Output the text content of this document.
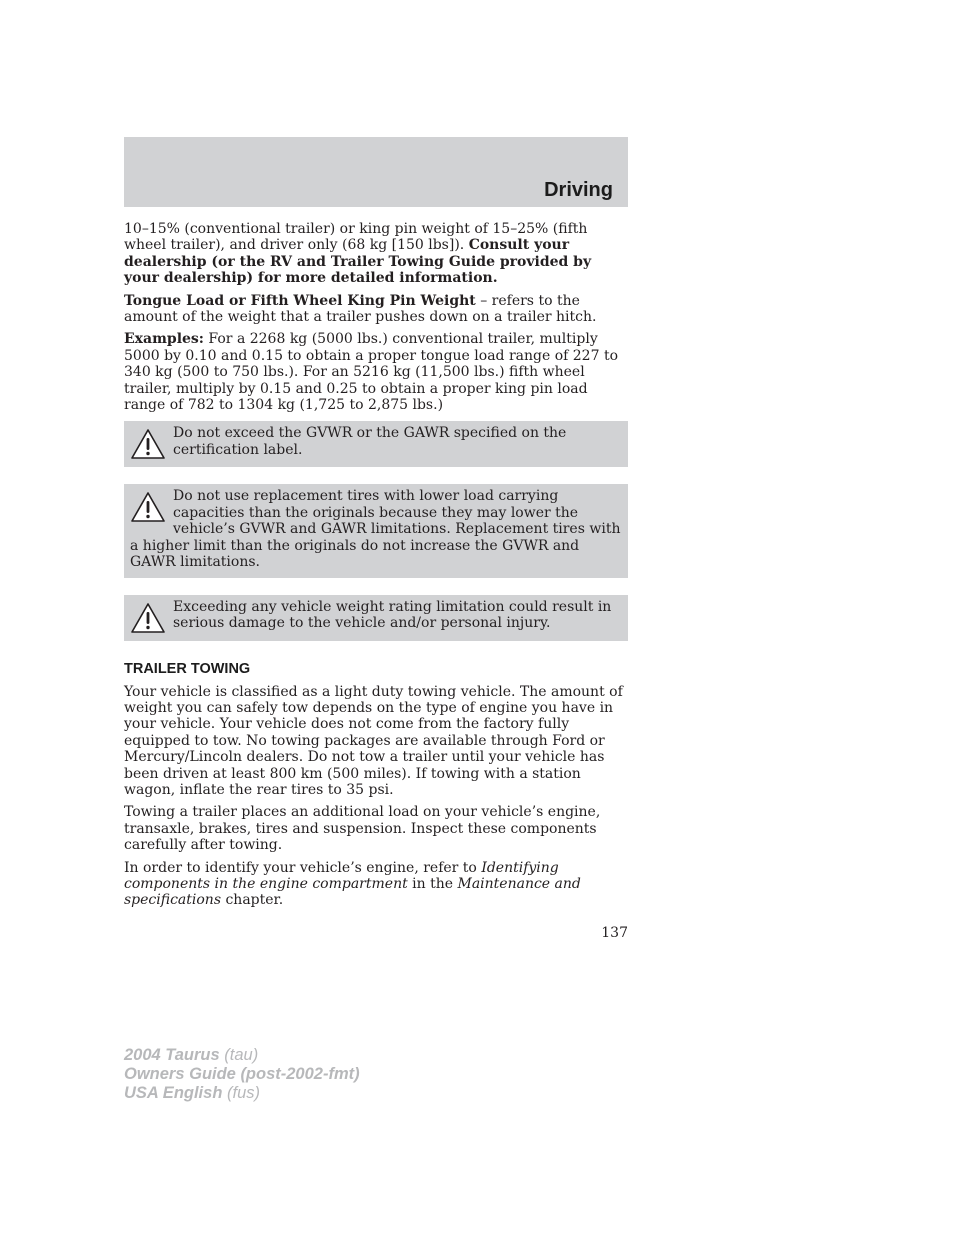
Driving

10–15% (conventional trailer) or king pin weight of 15–25% (fifth wheel trailer), and driver only (68 kg [150 lbs]). Consult your dealership (or the RV and Trailer Towing Guide provided by your dealership) for more detailed information.

Tongue Load or Fifth Wheel King Pin Weight – refers to the amount of the weight that a trailer pushes down on a trailer hitch.

Examples: For a 2268 kg (5000 lbs.) conventional trailer, multiply 5000 by 0.10 and 0.15 to obtain a proper tongue load range of 227 to 340 kg (500 to 750 lbs.). For an 5216 kg (11,500 lbs.) fifth wheel trailer, multiply by 0.15 and 0.25 to obtain a proper king pin load range of 782 to 1304 kg (1,725 to 2,875 lbs.)

Do not exceed the GVWR or the GAWR specified on the certification label.
Do not use replacement tires with lower load carrying capacities than the originals because they may lower the vehicle’s GVWR and GAWR limitations. Replacement tires with a higher limit than the originals do not increase the GVWR and GAWR limitations.
Exceeding any vehicle weight rating limitation could result in serious damage to the vehicle and/or personal injury.
TRAILER TOWING

Your vehicle is classified as a light duty towing vehicle. The amount of weight you can safely tow depends on the type of engine you have in your vehicle. Your vehicle does not come from the factory fully equipped to tow. No towing packages are available through Ford or Mercury/Lincoln dealers. Do not tow a trailer until your vehicle has been driven at least 800 km (500 miles). If towing with a station wagon, inflate the rear tires to 35 psi.

Towing a trailer places an additional load on your vehicle’s engine, transaxle, brakes, tires and suspension. Inspect these components carefully after towing.

In order to identify your vehicle’s engine, refer to Identifying components in the engine compartment in the Maintenance and specifications chapter.

137
2004 Taurus (tau)
Owners Guide (post-2002-fmt)
USA English (fus)
